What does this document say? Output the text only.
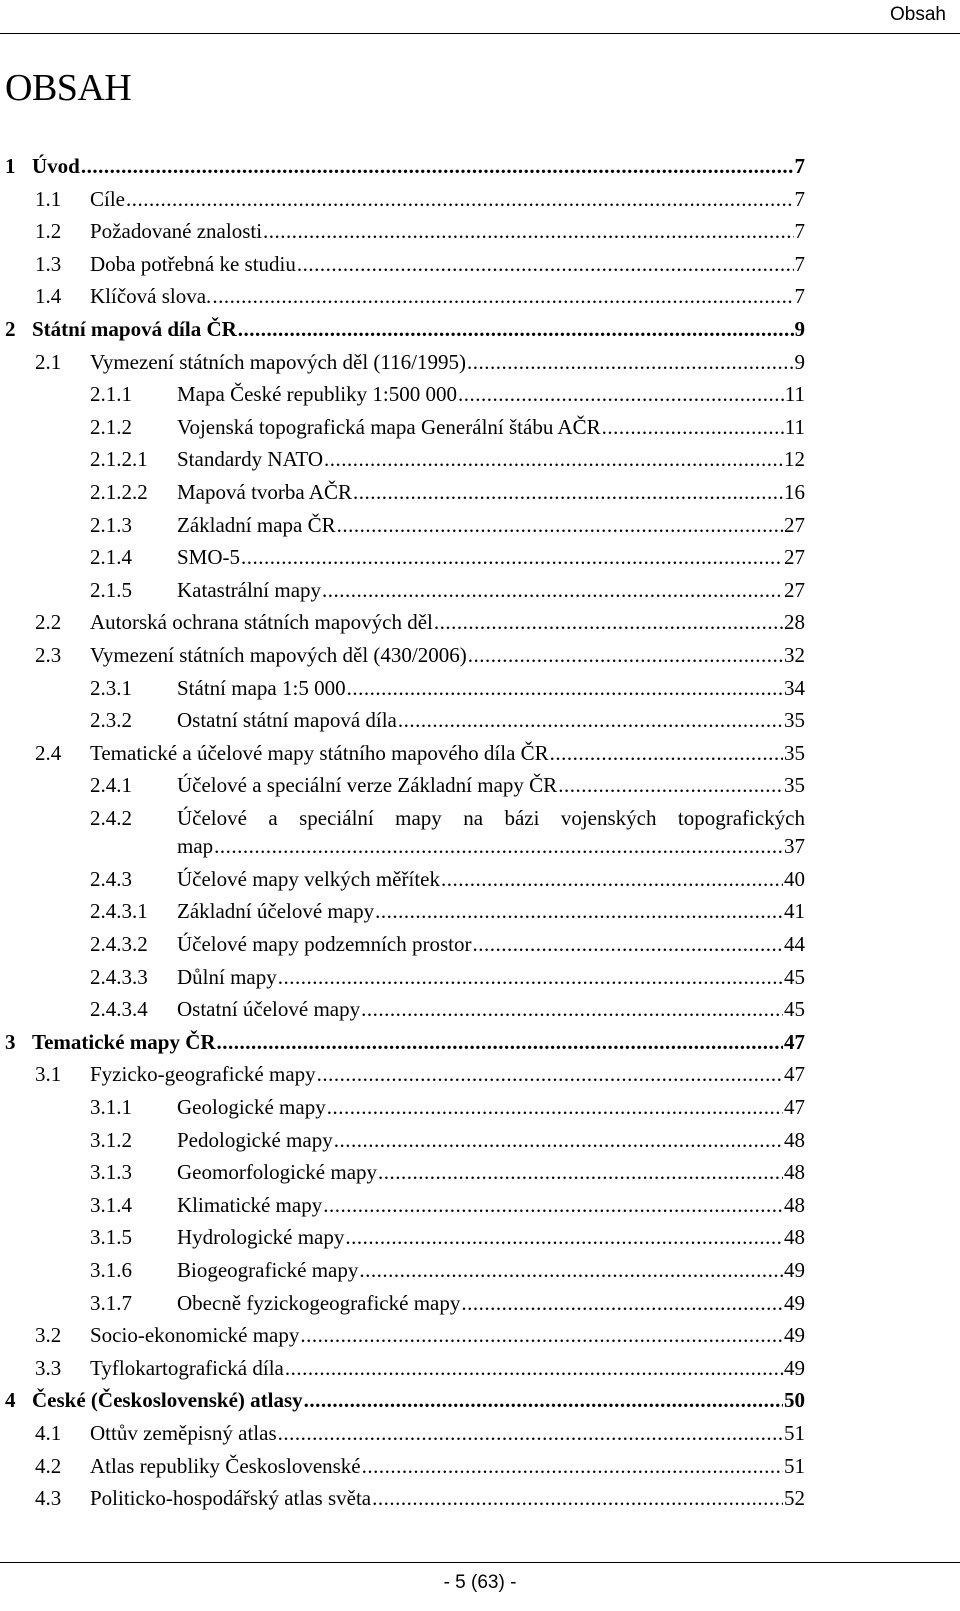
Obsah
OBSAH
1 Úvod .....	7
1.1 Cíle .....	7
1.2 Požadované znalosti .....	7
1.3 Doba potřebná ke studiu .....	7
1.4 Klíčová slova. .....	7
2 Státní mapová díla ČR .....	9
2.1 Vymezení státních mapových děl (116/1995) .....	9
2.1.1 Mapa České republiky 1:500 000 .....	11
2.1.2 Vojenská topografická mapa Generální štábu AČR .....	11
2.1.2.1 Standardy NATO .....	12
2.1.2.2 Mapová tvorba AČR .....	16
2.1.3 Základní mapa ČR .....	27
2.1.4 SMO-5 .....	27
2.1.5 Katastrální mapy .....	27
2.2 Autorská ochrana státních mapových děl .....	28
2.3 Vymezení státních mapových děl (430/2006) .....	32
2.3.1 Státní mapa 1:5 000 .....	34
2.3.2 Ostatní státní mapová díla .....	35
2.4 Tematické a účelové mapy státního mapového díla ČR .....	35
2.4.1 Účelové a speciální verze Základní mapy ČR .....	35
2.4.2 Účelové a speciální mapy na bázi vojenských topografických
map .....	37
2.4.3 Účelové mapy velkých měřítek .....	40
2.4.3.1 Základní účelové mapy .....	41
2.4.3.2 Účelové mapy podzemních prostor .....	44
2.4.3.3 Důlní mapy .....	45
2.4.3.4 Ostatní účelové mapy .....	45
3 Tematické mapy ČR .....	47
3.1 Fyzicko-geografické mapy .....	47
3.1.1 Geologické mapy .....	47
3.1.2 Pedologické mapy .....	48
3.1.3 Geomorfologické mapy .....	48
3.1.4 Klimatické mapy .....	48
3.1.5 Hydrologické mapy .....	48
3.1.6 Biogeografické mapy .....	49
3.1.7 Obecně fyzickogeografické mapy .....	49
3.2 Socio-ekonomické mapy .....	49
3.3 Tyflokartografická díla .....	49
4 České (Československé) atlasy .....	50
4.1 Ottův zeměpisný atlas .....	51
4.2 Atlas republiky Československé .....	51
4.3 Politicko-hospodářský atlas světa .....	52
- 5 (63) -
